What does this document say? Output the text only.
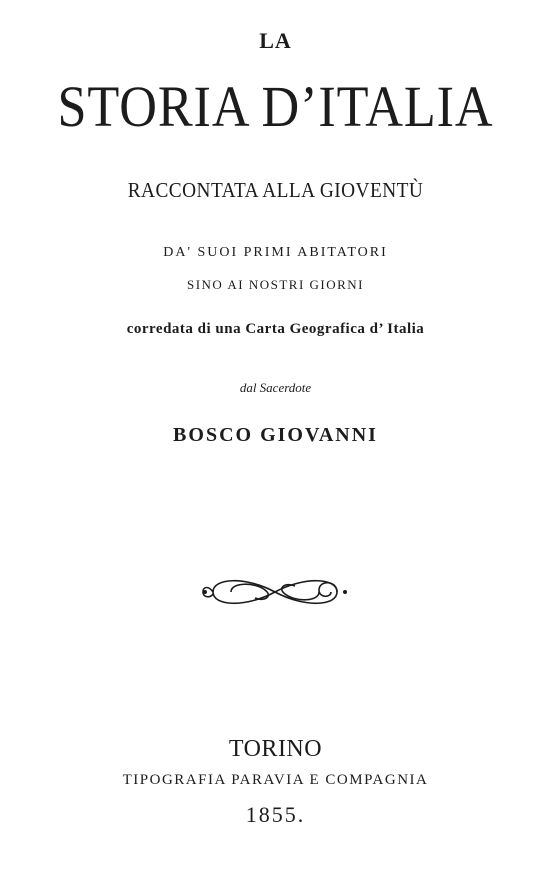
LA
STORIA D’ITALIA
RACCONTATA ALLA GIOVENTÙ
DA' SUOI PRIMI ABITATORI
SINO AI NOSTRI GIORNI
corredata di una Carta Geografica d’ Italia
dal Sacerdote
BOSCO GIOVANNI
TORINO
TIPOGRAFIA PARAVIA E COMPAGNIA
1855.
